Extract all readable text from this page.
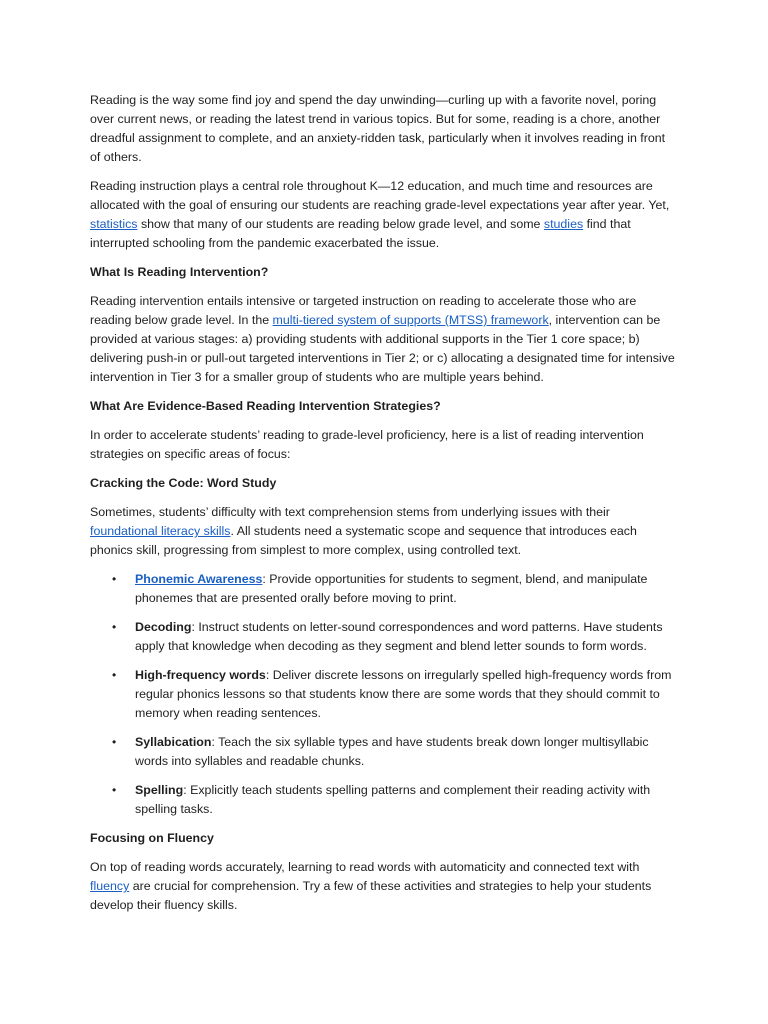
Reading is the way some find joy and spend the day unwinding—curling up with a favorite novel, poring over current news, or reading the latest trend in various topics. But for some, reading is a chore, another dreadful assignment to complete, and an anxiety-ridden task, particularly when it involves reading in front of others.

Reading instruction plays a central role throughout K—12 education, and much time and resources are allocated with the goal of ensuring our students are reaching grade-level expectations year after year. Yet, statistics show that many of our students are reading below grade level, and some studies find that interrupted schooling from the pandemic exacerbated the issue.

What Is Reading Intervention?

Reading intervention entails intensive or targeted instruction on reading to accelerate those who are reading below grade level. In the multi-tiered system of supports (MTSS) framework, intervention can be provided at various stages: a) providing students with additional supports in the Tier 1 core space; b) delivering push-in or pull-out targeted interventions in Tier 2; or c) allocating a designated time for intensive intervention in Tier 3 for a smaller group of students who are multiple years behind.

What Are Evidence-Based Reading Intervention Strategies?

In order to accelerate students’ reading to grade-level proficiency, here is a list of reading intervention strategies on specific areas of focus:

Cracking the Code: Word Study

Sometimes, students’ difficulty with text comprehension stems from underlying issues with their foundational literacy skills. All students need a systematic scope and sequence that introduces each phonics skill, progressing from simplest to more complex, using controlled text.

• Phonemic Awareness: Provide opportunities for students to segment, blend, and manipulate phonemes that are presented orally before moving to print.
• Decoding: Instruct students on letter-sound correspondences and word patterns. Have students apply that knowledge when decoding as they segment and blend letter sounds to form words.
• High-frequency words: Deliver discrete lessons on irregularly spelled high-frequency words from regular phonics lessons so that students know there are some words that they should commit to memory when reading sentences.
• Syllabication: Teach the six syllable types and have students break down longer multisyllabic words into syllables and readable chunks.
• Spelling: Explicitly teach students spelling patterns and complement their reading activity with spelling tasks.

Focusing on Fluency

On top of reading words accurately, learning to read words with automaticity and connected text with fluency are crucial for comprehension. Try a few of these activities and strategies to help your students develop their fluency skills.
